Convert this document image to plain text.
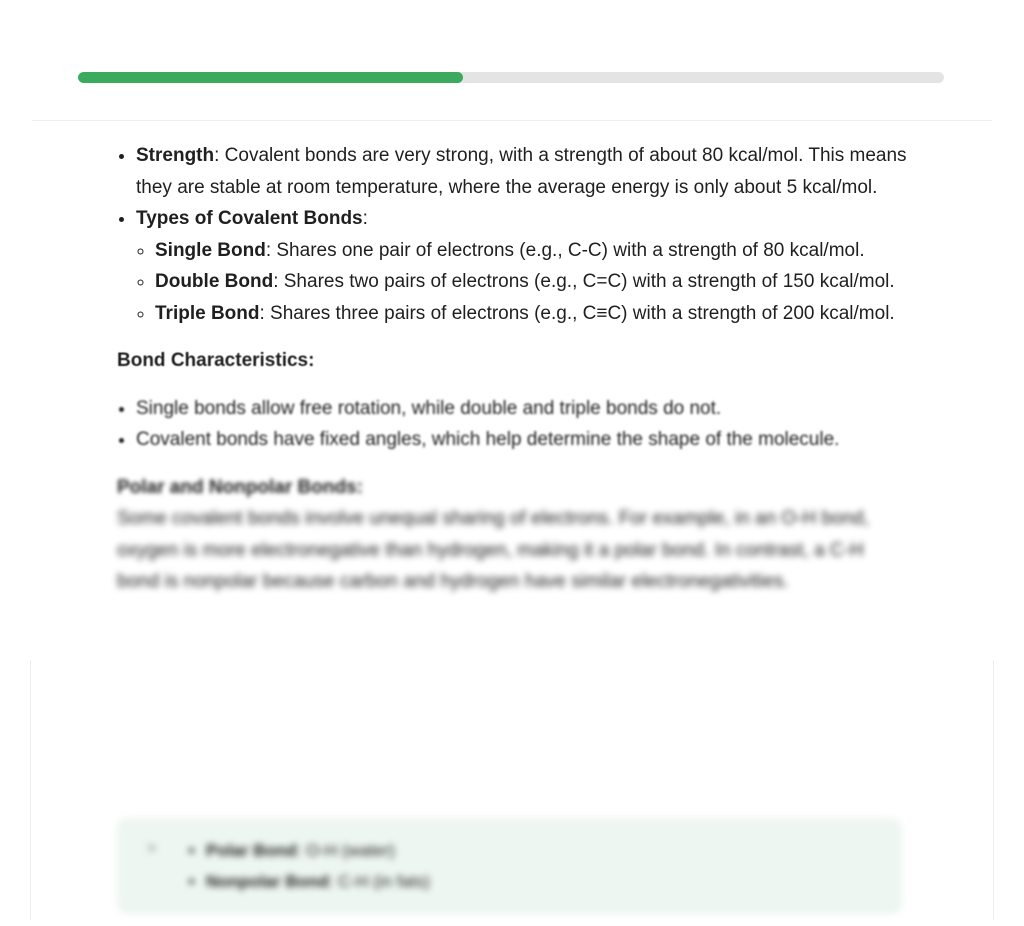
• Strength: Covalent bonds are very strong, with a strength of about 80 kcal/mol. This means they are stable at room temperature, where the average energy is only about 5 kcal/mol.
• Types of Covalent Bonds:
◦ Single Bond: Shares one pair of electrons (e.g., C-C) with a strength of 80 kcal/mol.
◦ Double Bond: Shares two pairs of electrons (e.g., C=C) with a strength of 150 kcal/mol.
◦ Triple Bond: Shares three pairs of electrons (e.g., C≡C) with a strength of 200 kcal/mol.
Bond Characteristics:
• Single bonds allow free rotation, while double and triple bonds do not.
• Covalent bonds have fixed angles, which help determine the shape of the molecule.
Polar and Nonpolar Bonds:
Some covalent bonds involve unequal sharing of electrons. For example, in an O-H bond, oxygen is more electronegative than hydrogen, making it a polar bond. In contrast, a C-H bond is nonpolar because carbon and hydrogen have similar electronegativities.
>
•	Polar Bond: O-H (water)
• Nonpolar Bond: C-H (in fats)
